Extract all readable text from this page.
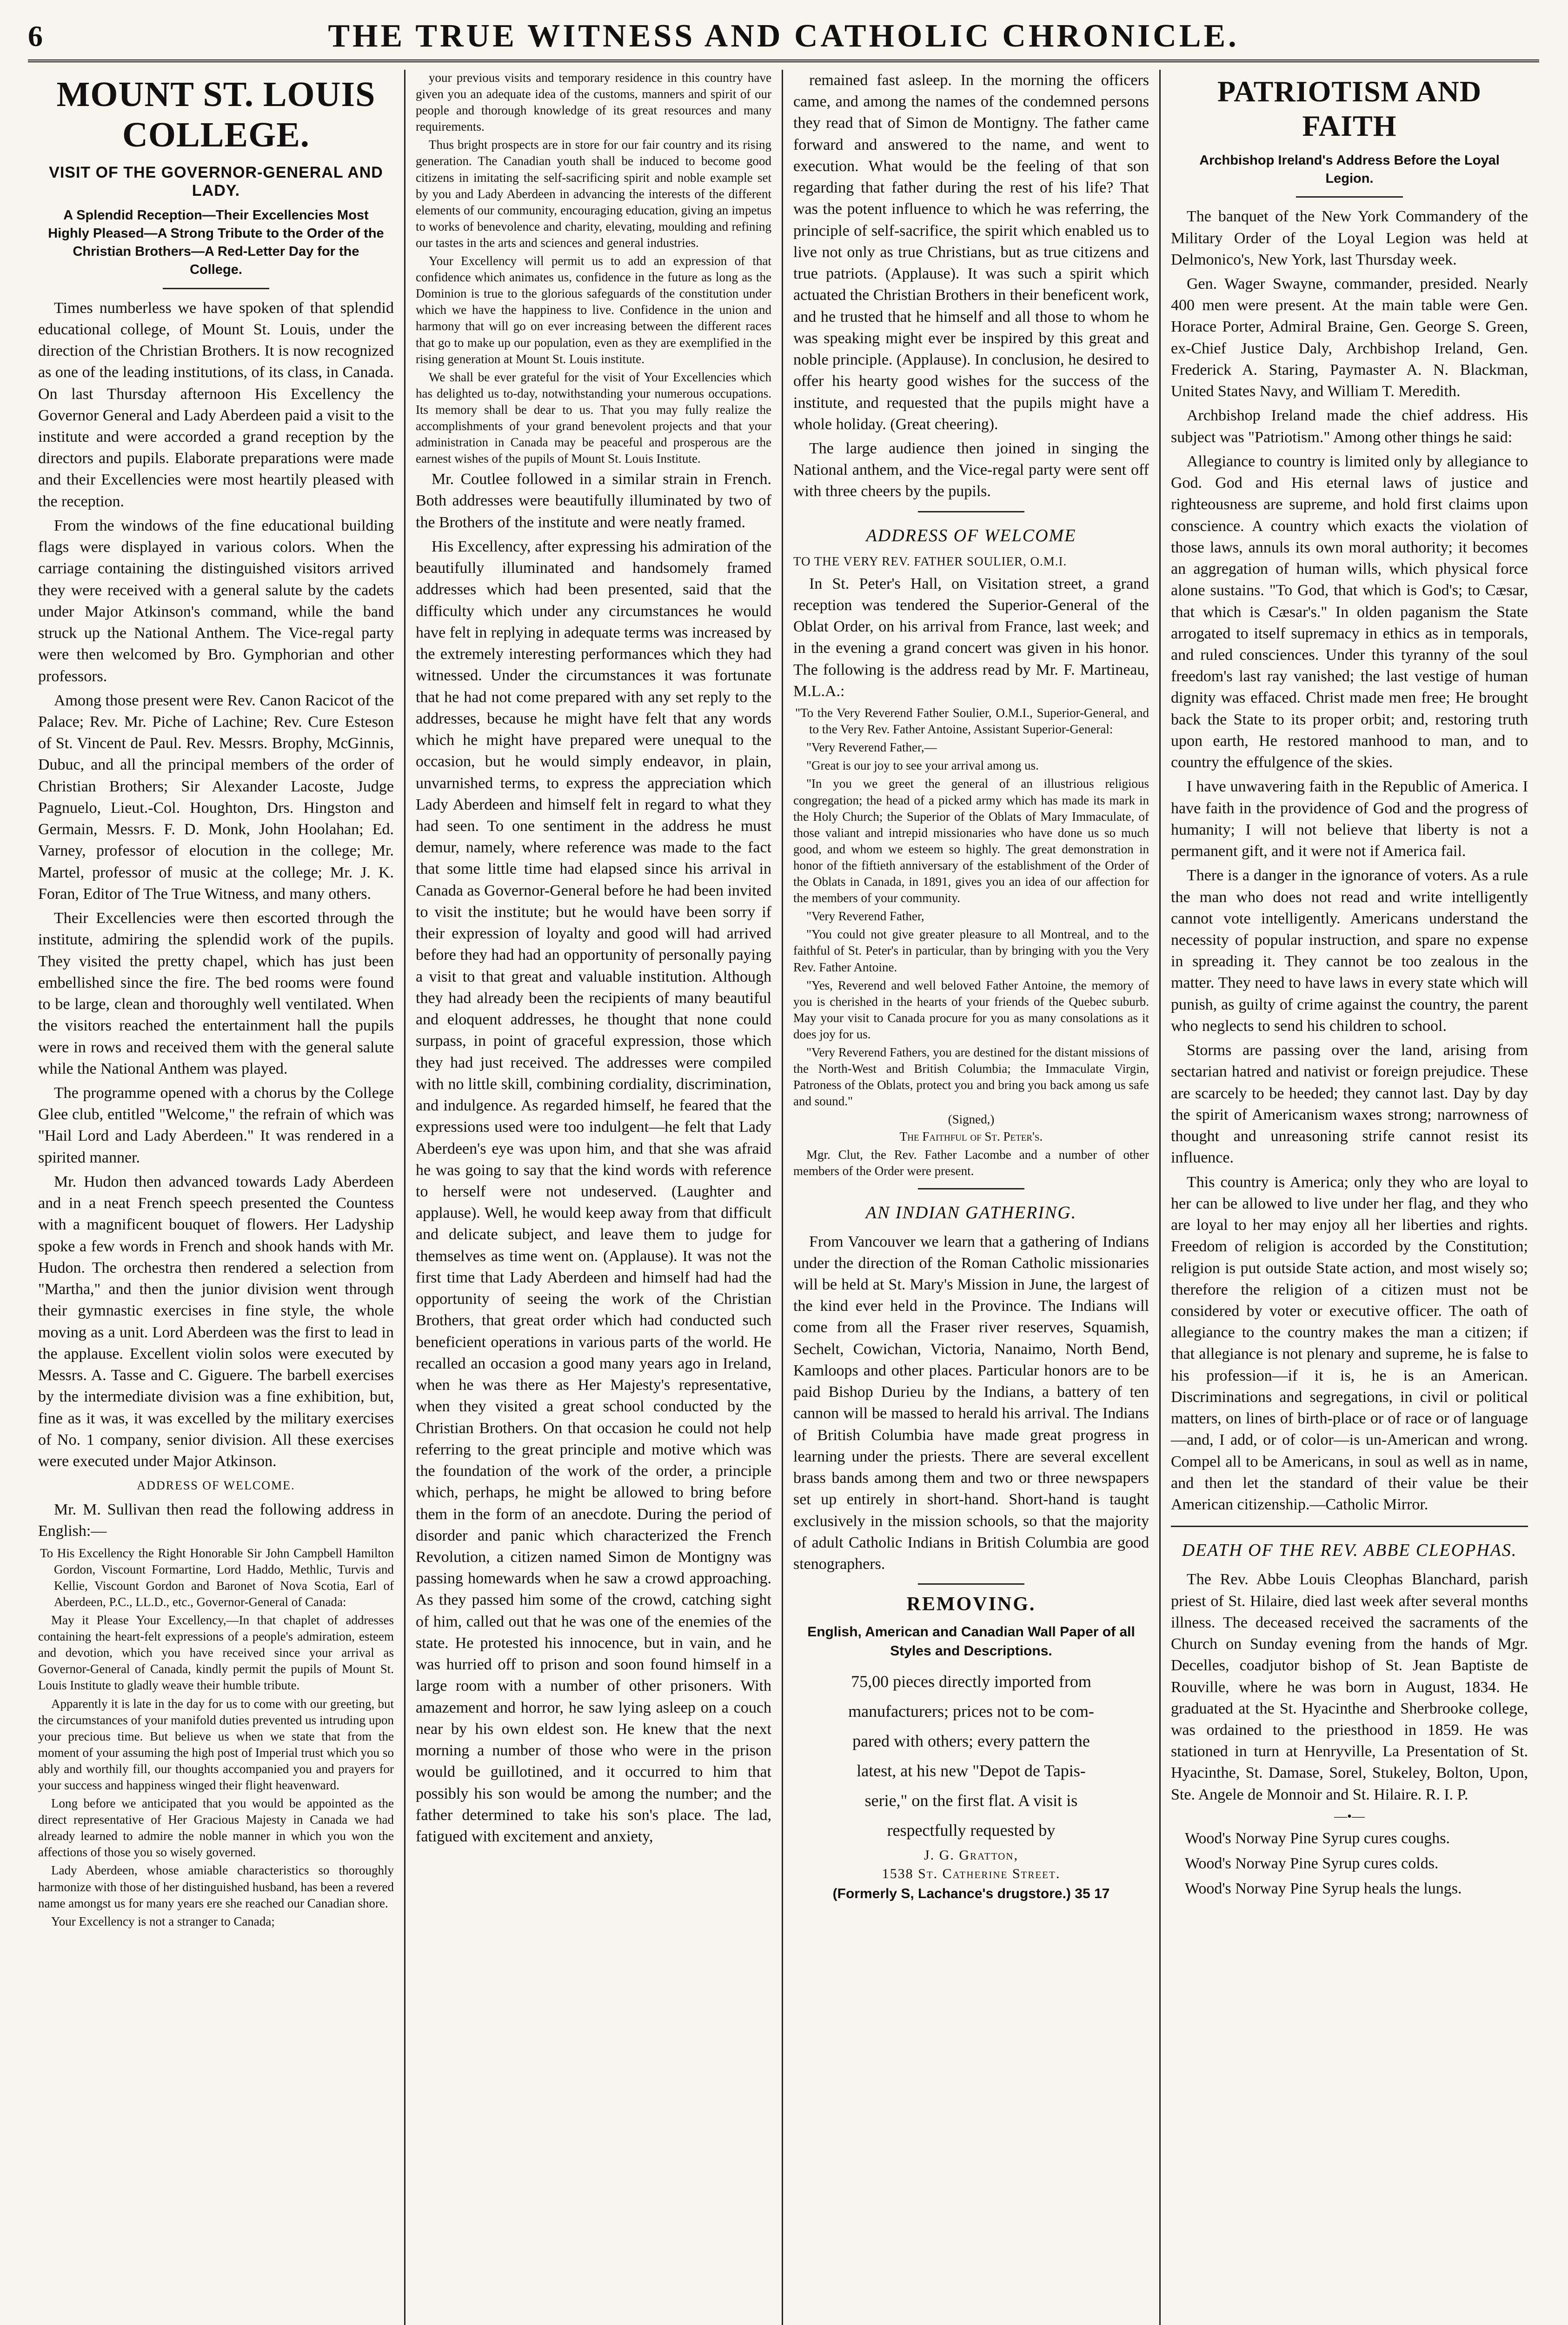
6	THE TRUE WITNESS AND CATHOLIC CHRONICLE.
MOUNT ST. LOUIS COLLEGE.
VISIT OF THE GOVERNOR-GENERAL AND LADY.
A Splendid Reception—Their Excellencies Most Highly Pleased—A Strong Tribute to the Order of the Christian Brothers—A Red-Letter Day for the College.

Times numberless we have spoken of that splendid educational college, of Mount St. Louis, under the direction of the Christian Brothers. It is now recognized as one of the leading institutions, of its class, in Canada. On last Thursday afternoon His Excellency the Governor General and Lady Aberdeen paid a visit to the institute and were accorded a grand reception by the directors and pupils. Elaborate preparations were made and their Excellencies were most heartily pleased with the reception.

From the windows of the fine educational building flags were displayed in various colors. When the carriage containing the distinguished visitors arrived they were received with a general salute by the cadets under Major Atkinson's command, while the band struck up the National Anthem. The Vice-regal party were then welcomed by Bro. Gymphorian and other professors.

Among those present were Rev. Canon Racicot of the Palace; Rev. Mr. Piche of Lachine; Rev. Cure Esteson of St. Vincent de Paul. Rev. Messrs. Brophy, McGinnis, Dubuc, and all the principal members of the order of Christian Brothers; Sir Alexander Lacoste, Judge Pagnuelo, Lieut.-Col. Houghton, Drs. Hingston and Germain, Messrs. F. D. Monk, John Hoolahan; Ed. Varney, professor of elocution in the college; Mr. Martel, professor of music at the college; Mr. J. K. Foran, Editor of The True Witness, and many others.

Their Excellencies were then escorted through the institute, admiring the splendid work of the pupils. They visited the pretty chapel, which has just been embellished since the fire. The bed rooms were found to be large, clean and thoroughly well ventilated. When the visitors reached the entertainment hall the pupils were in rows and received them with the general salute while the National Anthem was played.

The programme opened with a chorus by the College Glee club, entitled "Welcome," the refrain of which was "Hail Lord and Lady Aberdeen." It was rendered in a spirited manner.

Mr. Hudon then advanced towards Lady Aberdeen and in a neat French speech presented the Countess with a magnificent bouquet of flowers. Her Ladyship spoke a few words in French and shook hands with Mr. Hudon. The orchestra then rendered a selection from "Martha," and then the junior division went through their gymnastic exercises in fine style, the whole moving as a unit. Lord Aberdeen was the first to lead in the applause. Excellent violin solos were executed by Messrs. A. Tasse and C. Giguere. The barbell exercises by the intermediate division was a fine exhibition, but, fine as it was, it was excelled by the military exercises of No. 1 company, senior division. All these exercises were executed under Major Atkinson.

ADDRESS OF WELCOME.

Mr. M. Sullivan then read the following address in English:—

To His Excellency the Right Honorable Sir John Campbell Hamilton Gordon, Viscount Formartine, Lord Haddo, Methlic, Turvis and Kellie, Viscount Gordon and Baronet of Nova Scotia, Earl of Aberdeen, P.C., LL.D., etc., Governor-General of Canada:

May it Please Your Excellency,—In that chaplet of addresses containing the heart-felt expressions of a people's admiration, esteem and devotion, which you have received since your arrival as Governor-General of Canada, kindly permit the pupils of Mount St. Louis Institute to gladly weave their humble tribute.

Apparently it is late in the day for us to come with our greeting, but the circumstances of your manifold duties prevented us intruding upon your precious time. But believe us when we state that from the moment of your assuming the high post of Imperial trust which you so ably and worthily fill, our thoughts accompanied you and prayers for your success and happiness winged their flight heavenward.

Long before we anticipated that you would be appointed as the direct representative of Her Gracious Majesty in Canada we had already learned to admire the noble manner in which you won the affections of those you so wisely governed.

Lady Aberdeen, whose amiable characteristics so thoroughly harmonize with those of her distinguished husband, has been a revered name amongst us for many years ere she reached our Canadian shore.

Your Excellency is not a stranger to Canada;

your previous visits and temporary residence in this country have given you an adequate idea of the customs, manners and spirit of our people and thorough knowledge of its great resources and many requirements.

Thus bright prospects are in store for our fair country and its rising generation. The Canadian youth shall be induced to become good citizens in imitating the self-sacrificing spirit and noble example set by you and Lady Aberdeen in advancing the interests of the different elements of our community, encouraging education, giving an impetus to works of benevolence and charity, elevating, moulding and refining our tastes in the arts and sciences and general industries.

Your Excellency will permit us to add an expression of that confidence which animates us, confidence in the future as long as the Dominion is true to the glorious safeguards of the constitution under which we have the happiness to live. Confidence in the union and harmony that will go on ever increasing between the different races that go to make up our population, even as they are exemplified in the rising generation at Mount St. Louis institute.

We shall be ever grateful for the visit of Your Excellencies which has delighted us to-day, notwithstanding your numerous occupations. Its memory shall be dear to us. That you may fully realize the accomplishments of your grand benevolent projects and that your administration in Canada may be peaceful and prosperous are the earnest wishes of the pupils of Mount St. Louis Institute.

Mr. Coutlee followed in a similar strain in French. Both addresses were beautifully illuminated by two of the Brothers of the institute and were neatly framed.

His Excellency, after expressing his admiration of the beautifully illuminated and handsomely framed addresses which had been presented, said that the difficulty which under any circumstances he would have felt in replying in adequate terms was increased by the extremely interesting performances which they had witnessed. Under the circumstances it was fortunate that he had not come prepared with any set reply to the addresses, because he might have felt that any words which he might have prepared were unequal to the occasion, but he would simply endeavor, in plain, unvarnished terms, to express the appreciation which Lady Aberdeen and himself felt in regard to what they had seen. To one sentiment in the address he must demur, namely, where reference was made to the fact that some little time had elapsed since his arrival in Canada as Governor-General before he had been invited to visit the institute; but he would have been sorry if their expression of loyalty and good will had arrived before they had had an opportunity of personally paying a visit to that great and valuable institution. Although they had already been the recipients of many beautiful and eloquent addresses, he thought that none could surpass, in point of graceful expression, those which they had just received. The addresses were compiled with no little skill, combining cordiality, discrimination, and indulgence. As regarded himself, he feared that the expressions used were too indulgent—he felt that Lady Aberdeen's eye was upon him, and that she was afraid he was going to say that the kind words with reference to herself were not undeserved. (Laughter and applause). Well, he would keep away from that difficult and delicate subject, and leave them to judge for themselves as time went on. (Applause). It was not the first time that Lady Aberdeen and himself had had the opportunity of seeing the work of the Christian Brothers, that great order which had conducted such beneficient operations in various parts of the world. He recalled an occasion a good many years ago in Ireland, when he was there as Her Majesty's representative, when they visited a great school conducted by the Christian Brothers. On that occasion he could not help referring to the great principle and motive which was the foundation of the work of the order, a principle which, perhaps, he might be allowed to bring before them in the form of an anecdote. During the period of disorder and panic which characterized the French Revolution, a citizen named Simon de Montigny was passing homewards when he saw a crowd approaching. As they passed him some of the crowd, catching sight of him, called out that he was one of the enemies of the state. He protested his innocence, but in vain, and he was hurried off to prison and soon found himself in a large room with a number of other prisoners. With amazement and horror, he saw lying asleep on a couch near by his own eldest son. He knew that the next morning a number of those who were in the prison would be guillotined, and it occurred to him that possibly his son would be among the number; and the father determined to take his son's place. The lad, fatigued with excitement and anxiety,

remained fast asleep. In the morning the officers came, and among the names of the condemned persons they read that of Simon de Montigny. The father came forward and answered to the name, and went to execution. What would be the feeling of that son regarding that father during the rest of his life? That was the potent influence to which he was referring, the principle of self-sacrifice, the spirit which enabled us to live not only as true Christians, but as true citizens and true patriots. (Applause). It was such a spirit which actuated the Christian Brothers in their beneficent work, and he trusted that he himself and all those to whom he was speaking might ever be inspired by this great and noble principle. (Applause). In conclusion, he desired to offer his hearty good wishes for the success of the institute, and requested that the pupils might have a whole holiday. (Great cheering).

The large audience then joined in singing the National anthem, and the Vice-regal party were sent off with three cheers by the pupils.

ADDRESS OF WELCOME
TO THE VERY REV. FATHER SOULIER, O.M.I.

In St. Peter's Hall, on Visitation street, a grand reception was tendered the Superior-General of the Oblat Order, on his arrival from France, last week; and in the evening a grand concert was given in his honor. The following is the address read by Mr. F. Martineau, M.L.A.:

"To the Very Reverend Father Soulier, O.M.I., Superior-General, and to the Very Rev. Father Antoine, Assistant Superior-General:

"Very Reverend Father,—

"Great is our joy to see your arrival among us.

"In you we greet the general of an illustrious religious congregation; the head of a picked army which has made its mark in the Holy Church; the Superior of the Oblats of Mary Immaculate, of those valiant and intrepid missionaries who have done us so much good, and whom we esteem so highly. The great demonstration in honor of the fiftieth anniversary of the establishment of the Order of the Oblats in Canada, in 1891, gives you an idea of our affection for the members of your community.

"Very Reverend Father,

"You could not give greater pleasure to all Montreal, and to the faithful of St. Peter's in particular, than by bringing with you the Very Rev. Father Antoine.

"Yes, Reverend and well beloved Father Antoine, the memory of you is cherished in the hearts of your friends of the Quebec suburb. May your visit to Canada procure for you as many consolations as it does joy for us.

"Very Reverend Fathers, you are destined for the distant missions of the North-West and British Columbia; the Immaculate Virgin, Patroness of the Oblats, protect you and bring you back among us safe and sound."

(Signed,)
The Faithful of St. Peter's.

Mgr. Clut, the Rev. Father Lacombe and a number of other members of the Order were present.

AN INDIAN GATHERING.

From Vancouver we learn that a gathering of Indians under the direction of the Roman Catholic missionaries will be held at St. Mary's Mission in June, the largest of the kind ever held in the Province. The Indians will come from all the Fraser river reserves, Squamish, Sechelt, Cowichan, Victoria, Nanaimo, North Bend, Kamloops and other places. Particular honors are to be paid Bishop Durieu by the Indians, a battery of ten cannon will be massed to herald his arrival. The Indians of British Columbia have made great progress in learning under the priests. There are several excellent brass bands among them and two or three newspapers set up entirely in short-hand. Short-hand is taught exclusively in the mission schools, so that the majority of adult Catholic Indians in British Columbia are good stenographers.

REMOVING.
English, American and Canadian Wall Paper of all Styles and Descriptions.
75,00 pieces directly imported from
manufacturers; prices not to be com-
pared with others; every pattern the
latest, at his new "Depot de Tapis-
serie," on the first flat. A visit is
respectfully requested by
J. G. Gratton,
1538 St. Catherine Street.
(Formerly S, Lachance's drugstore.) 35 17
PATRIOTISM AND FAITH
Archbishop Ireland's Address Before the Loyal Legion.

The banquet of the New York Commandery of the Military Order of the Loyal Legion was held at Delmonico's, New York, last Thursday week.

Gen. Wager Swayne, commander, presided. Nearly 400 men were present. At the main table were Gen. Horace Porter, Admiral Braine, Gen. George S. Green, ex-Chief Justice Daly, Archbishop Ireland, Gen. Frederick A. Staring, Paymaster A. N. Blackman, United States Navy, and William T. Meredith.

Archbishop Ireland made the chief address. His subject was "Patriotism." Among other things he said:

Allegiance to country is limited only by allegiance to God. God and His eternal laws of justice and righteousness are supreme, and hold first claims upon conscience. A country which exacts the violation of those laws, annuls its own moral authority; it becomes an aggregation of human wills, which physical force alone sustains. "To God, that which is God's; to Cæsar, that which is Cæsar's." In olden paganism the State arrogated to itself supremacy in ethics as in temporals, and ruled consciences. Under this tyranny of the soul freedom's last ray vanished; the last vestige of human dignity was effaced. Christ made men free; He brought back the State to its proper orbit; and, restoring truth upon earth, He restored manhood to man, and to country the effulgence of the skies.

I have unwavering faith in the Republic of America. I have faith in the providence of God and the progress of humanity; I will not believe that liberty is not a permanent gift, and it were not if America fail.

There is a danger in the ignorance of voters. As a rule the man who does not read and write intelligently cannot vote intelligently. Americans understand the necessity of popular instruction, and spare no expense in spreading it. They cannot be too zealous in the matter. They need to have laws in every state which will punish, as guilty of crime against the country, the parent who neglects to send his children to school.

Storms are passing over the land, arising from sectarian hatred and nativist or foreign prejudice. These are scarcely to be heeded; they cannot last. Day by day the spirit of Americanism waxes strong; narrowness of thought and unreasoning strife cannot resist its influence.

This country is America; only they who are loyal to her can be allowed to live under her flag, and they who are loyal to her may enjoy all her liberties and rights. Freedom of religion is accorded by the Constitution; religion is put outside State action, and most wisely so; therefore the religion of a citizen must not be considered by voter or executive officer. The oath of allegiance to the country makes the man a citizen; if that allegiance is not plenary and supreme, he is false to his profession—if it is, he is an American. Discriminations and segregations, in civil or political matters, on lines of birth-place or of race or of language—and, I add, or of color—is un-American and wrong. Compel all to be Americans, in soul as well as in name, and then let the standard of their value be their American citizenship.—Catholic Mirror.

DEATH OF THE REV. ABBE CLEOPHAS.

The Rev. Abbe Louis Cleophas Blanchard, parish priest of St. Hilaire, died last week after several months illness. The deceased received the sacraments of the Church on Sunday evening from the hands of Mgr. Decelles, coadjutor bishop of St. Jean Baptiste de Rouville, where he was born in August, 1834. He graduated at the St. Hyacinthe and Sherbrooke college, was ordained to the priesthood in 1859. He was stationed in turn at Henryville, La Presentation of St. Hyacinthe, St. Damase, Sorel, Stukeley, Bolton, Upon, Ste. Angele de Monnoir and St. Hilaire. R. I. P.

—•—

Wood's Norway Pine Syrup cures coughs.

Wood's Norway Pine Syrup cures colds.

Wood's Norway Pine Syrup heals the lungs.
